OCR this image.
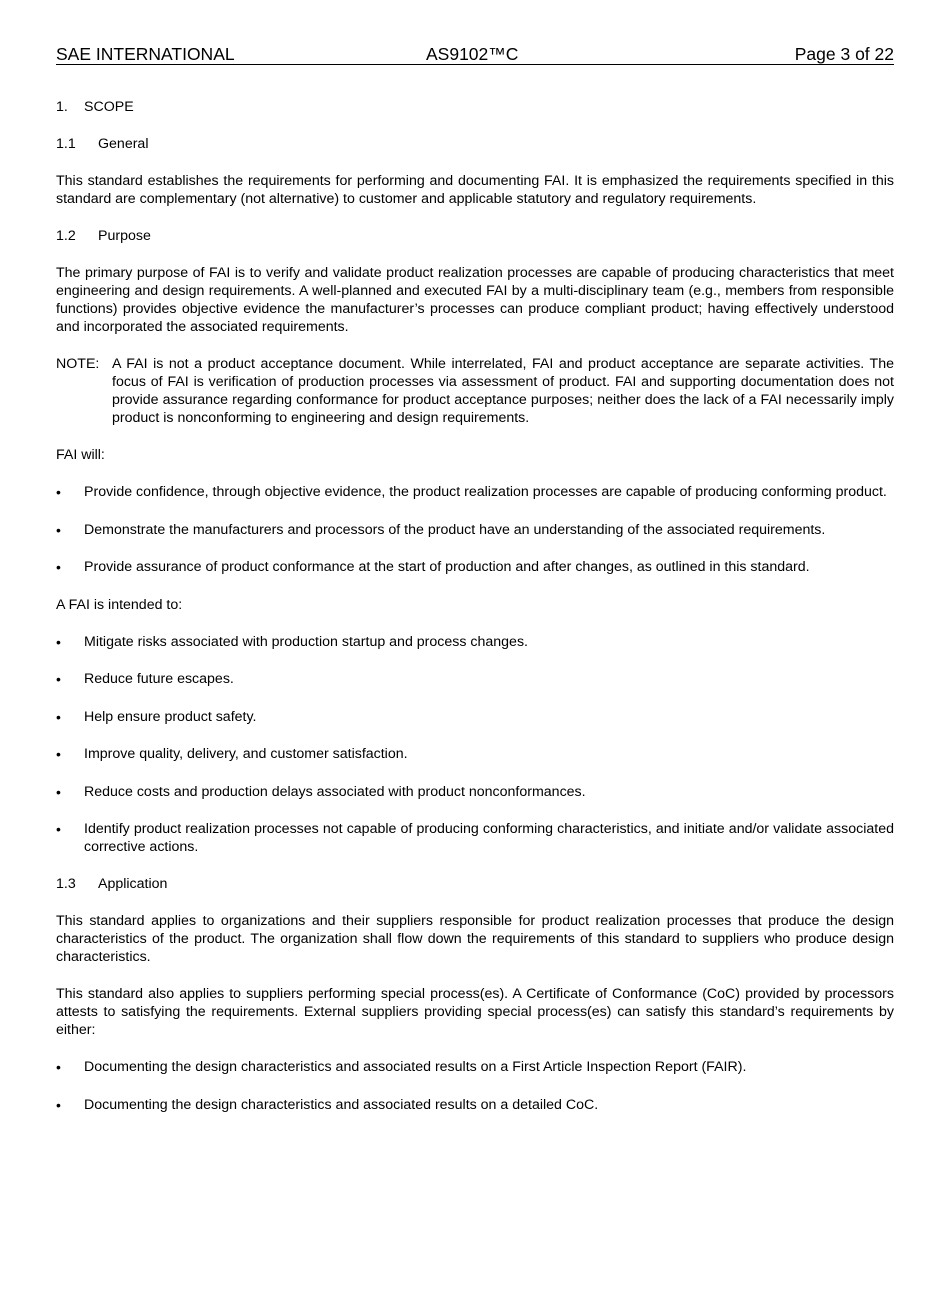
SAE INTERNATIONAL	AS9102™C	Page 3 of 22
1. SCOPE
1.1 General

This standard establishes the requirements for performing and documenting FAI. It is emphasized the requirements specified in this standard are complementary (not alternative) to customer and applicable statutory and regulatory requirements.

1.2 Purpose

The primary purpose of FAI is to verify and validate product realization processes are capable of producing characteristics that meet engineering and design requirements. A well-planned and executed FAI by a multi-disciplinary team (e.g., members from responsible functions) provides objective evidence the manufacturer’s processes can produce compliant product; having effectively understood and incorporated the associated requirements.

NOTE: A FAI is not a product acceptance document. While interrelated, FAI and product acceptance are separate activities. The focus of FAI is verification of production processes via assessment of product. FAI and supporting documentation does not provide assurance regarding conformance for product acceptance purposes; neither does the lack of a FAI necessarily imply product is nonconforming to engineering and design requirements.

FAI will:

•	Provide confidence, through objective evidence, the product realization processes are capable of producing conforming product.
•	Demonstrate the manufacturers and processors of the product have an understanding of the associated requirements.
•	Provide assurance of product conformance at the start of production and after changes, as outlined in this standard.

A FAI is intended to:

•	Mitigate risks associated with production startup and process changes.
•	Reduce future escapes.
•	Help ensure product safety.
•	Improve quality, delivery, and customer satisfaction.
•	Reduce costs and production delays associated with product nonconformances.
•	Identify product realization processes not capable of producing conforming characteristics, and initiate and/or validate associated corrective actions.
1.3 Application

This standard applies to organizations and their suppliers responsible for product realization processes that produce the design characteristics of the product. The organization shall flow down the requirements of this standard to suppliers who produce design characteristics.

This standard also applies to suppliers performing special process(es). A Certificate of Conformance (CoC) provided by processors attests to satisfying the requirements. External suppliers providing special process(es) can satisfy this standard’s requirements by either:

•	Documenting the design characteristics and associated results on a First Article Inspection Report (FAIR).
•	Documenting the design characteristics and associated results on a detailed CoC.
